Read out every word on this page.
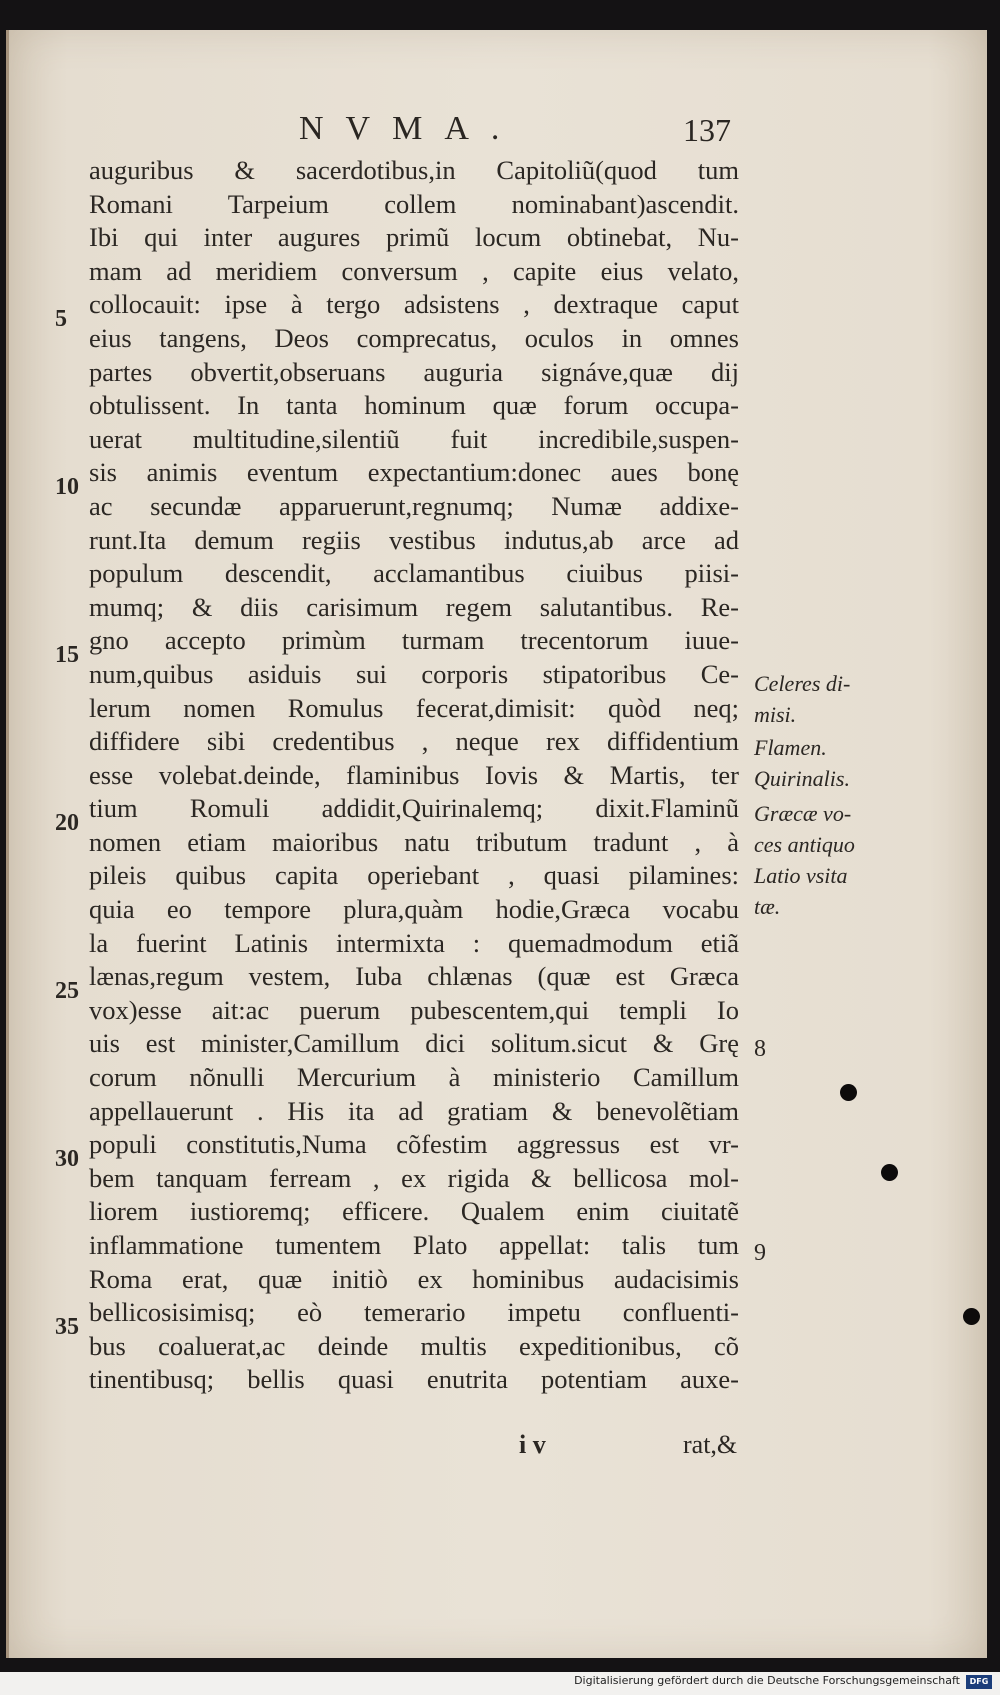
NVMA.	137
auguribus & sacerdotibus,in Capitoliũ(quod tum
Romani Tarpeium collem nominabant)ascendit.
Ibi qui inter augures primũ locum obtinebat, Nu-
mam ad meridiem conversum , capite eius velato,
collocauit: ipse à tergo adsistens , dextraque caput
eius tangens, Deos comprecatus, oculos in omnes
partes obvertit,obseruans auguria signáve,quæ dij
obtulissent. In tanta hominum quæ forum occupa-
uerat multitudine,silentiũ fuit incredibile,suspen-
sis animis eventum expectantium:donec aues bonę
ac secundæ apparuerunt,regnumq; Numæ addixe-
runt.Ita demum regiis vestibus indutus,ab arce ad
populum descendit, acclamantibus ciuibus piisi-
mumq; & diis carisimum regem salutantibus. Re-
gno accepto primùm turmam trecentorum iuue-
num,quibus asiduis sui corporis stipatoribus Ce-
lerum nomen Romulus fecerat,dimisit: quòd neq;
diffidere sibi credentibus , neque rex diffidentium
esse volebat.deinde, flaminibus Iovis & Martis, ter
tium Romuli addidit,Quirinalemq; dixit.Flaminũ
nomen etiam maioribus natu tributum tradunt , à
pileis quibus capita operiebant , quasi pilamines:
quia eo tempore plura,quàm hodie,Græca vocabu
la fuerint Latinis intermixta : quemadmodum etiã
lænas,regum vestem, Iuba chlænas (quæ est Græca
vox)esse ait:ac puerum pubescentem,qui templi Io
uis est minister,Camillum dici solitum.sicut & Grę
corum nõnulli Mercurium à ministerio Camillum
appellauerunt . His ita ad gratiam & benevolẽtiam
populi constitutis,Numa cõfestim aggressus est vr-
bem tanquam ferream , ex rigida & bellicosa mol-
liorem iustioremq; efficere. Qualem enim ciuitatẽ
inflammatione tumentem Plato appellat: talis tum
Roma erat, quæ initiò ex hominibus audacisimis
bellicosisimisq; eò temerario impetu confluenti-
bus coaluerat,ac deinde multis expeditionibus, cõ
tinentibusq; bellis quasi enutrita potentiam auxe-
5
10
15
20
25
30
35
Celeres di-
misi.
Flamen.
Quirinalis.
Græcæ vo-
ces antiquo
Latio vsita
tæ.
8
9
i v	rat,&
Digitalisierung gefördert durch die Deutsche Forschungsgemeinschaft	DFG
